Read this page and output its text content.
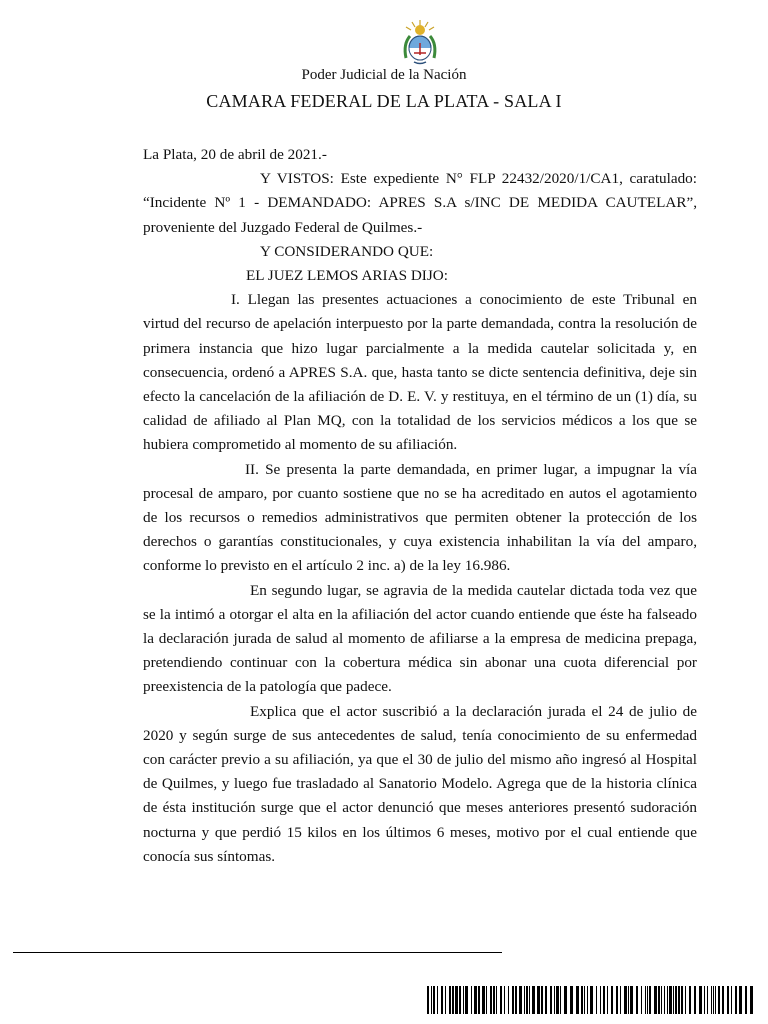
Poder Judicial de la Nación
CAMARA FEDERAL DE LA PLATA - SALA I

La Plata, 20 de abril de 2021.-

Y VISTOS: Este expediente N° FLP 22432/2020/1/CA1, caratulado: “Incidente Nº 1 - DEMANDADO: APRES S.A s/INC DE MEDIDA CAUTELAR”, proveniente del Juzgado Federal de Quilmes.-

Y CONSIDERANDO QUE:

EL JUEZ LEMOS ARIAS DIJO:

I. Llegan las presentes actuaciones a conocimiento de este Tribunal en virtud del recurso de apelación interpuesto por la parte demandada, contra la resolución de primera instancia que hizo lugar parcialmente a la medida cautelar solicitada y, en consecuencia, ordenó a APRES S.A. que, hasta tanto se dicte sentencia definitiva, deje sin efecto la cancelación de la afiliación de D. E. V. y restituya, en el término de un (1) día, su calidad de afiliado al Plan MQ, con la totalidad de los servicios médicos a los que se hubiera comprometido al momento de su afiliación.

II. Se presenta la parte demandada, en primer lugar, a impugnar la vía procesal de amparo, por cuanto sostiene que no se ha acreditado en autos el agotamiento de los recursos o remedios administrativos que permiten obtener la protección de los derechos o garantías constitucionales, y cuya existencia inhabilitan la vía del amparo, conforme lo previsto en el artículo 2 inc. a) de la ley 16.986.

En segundo lugar, se agravia de la medida cautelar dictada toda vez que se la intimó a otorgar el alta en la afiliación del actor cuando entiende que éste ha falseado la declaración jurada de salud al momento de afiliarse a la empresa de medicina prepaga, pretendiendo continuar con la cobertura médica sin abonar una cuota diferencial por preexistencia de la patología que padece.

Explica que el actor suscribió a la declaración jurada el 24 de julio de 2020 y según surge de sus antecedentes de salud, tenía conocimiento de su enfermedad con carácter previo a su afiliación, ya que el 30 de julio del mismo año ingresó al Hospital de Quilmes, y luego fue trasladado al Sanatorio Modelo. Agrega que de la historia clínica de ésta institución surge que el actor denunció que meses anteriores presentó sudoración nocturna y que perdió 15 kilos en los últimos 6 meses, motivo por el cual entiende que conocía sus síntomas.
